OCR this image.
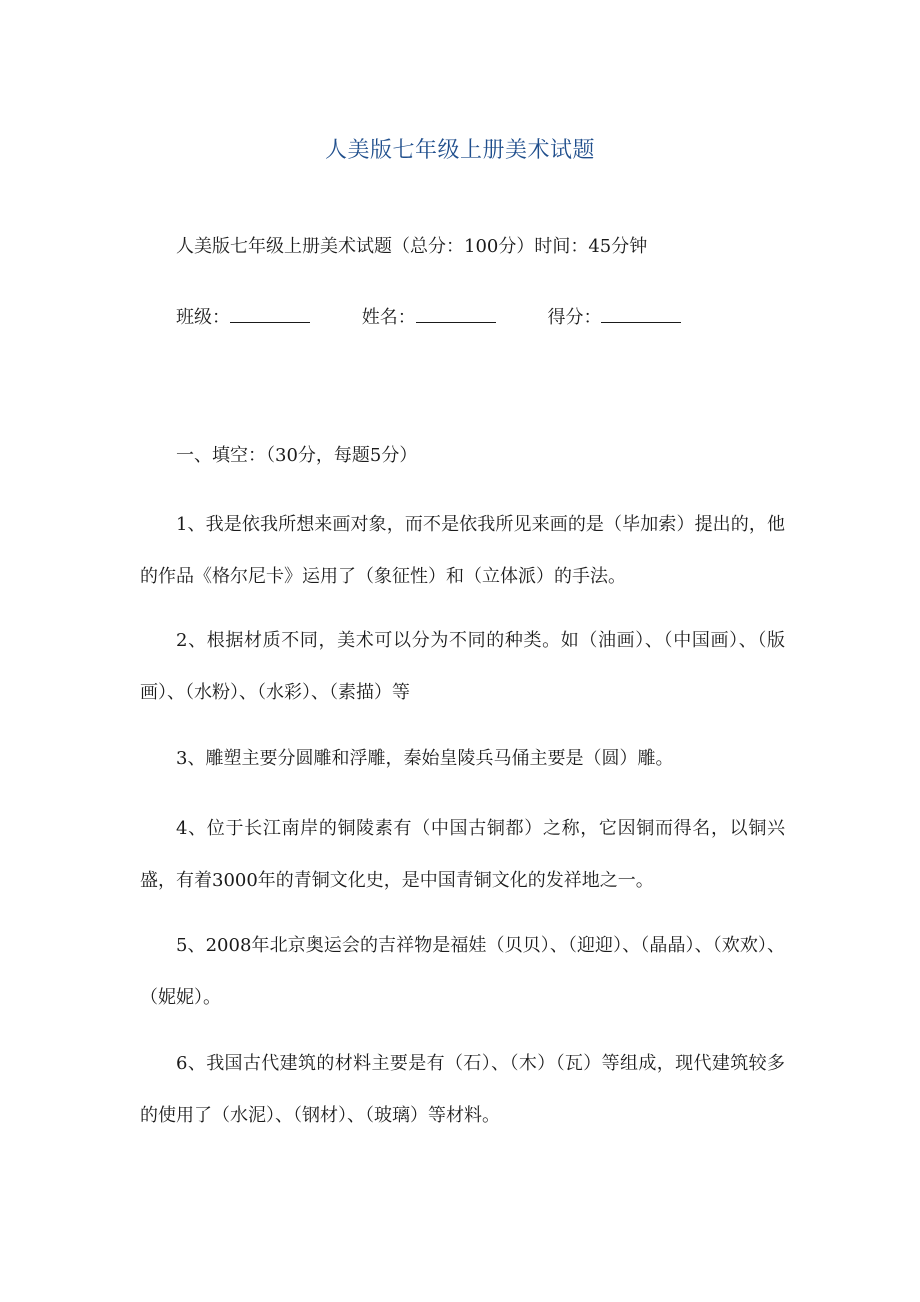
人美版七年级上册美术试题

人美版七年级上册美术试题（总分：100分）时间：45分钟

班级：	姓名：	得分：
一、填空：（30分，每题5分）

1、我是依我所想来画对象，而不是依我所见来画的是（毕加索）提出的，他的作品《格尔尼卡》运用了（象征性）和（立体派）的手法。

2、根据材质不同，美术可以分为不同的种类。如（油画）、（中国画）、（版画）、（水粉）、（水彩）、（素描）等

3、雕塑主要分圆雕和浮雕，秦始皇陵兵马俑主要是（圆）雕。

4、位于长江南岸的铜陵素有（中国古铜都）之称，它因铜而得名，以铜兴盛，有着3000年的青铜文化史，是中国青铜文化的发祥地之一。

5、2008年北京奥运会的吉祥物是福娃（贝贝）、（迎迎）、（晶晶）、（欢欢）、（妮妮）。

6、我国古代建筑的材料主要是有（石）、（木）（瓦）等组成，现代建筑较多的使用了（水泥）、（钢材）、（玻璃）等材料。
